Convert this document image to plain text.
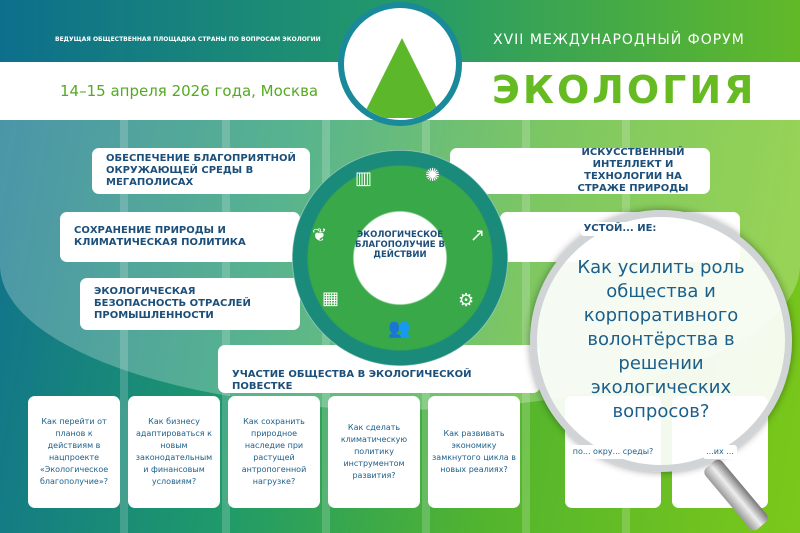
ВЕДУЩАЯ ОБЩЕСТВЕННАЯ ПЛОЩАДКА СТРАНЫ ПО ВОПРОСАМ ЭКОЛОГИИ	XVII МЕЖДУНАРОДНЫЙ ФОРУМ
14–15 апреля 2026 года, Москва	ЭКОЛОГИЯ
ОБЕСПЕЧЕНИЕ БЛАГОПРИЯТНОЙ ОКРУЖАЮЩЕЙ СРЕДЫ В МЕГАПОЛИСАХ
СОХРАНЕНИЕ ПРИРОДЫ И КЛИМАТИЧЕСКАЯ ПОЛИТИКА
ЭКОЛОГИЧЕСКАЯ БЕЗОПАСНОСТЬ ОТРАСЛЕЙ ПРОМЫШЛЕННОСТИ
УЧАСТИЕ ОБЩЕСТВА В ЭКОЛОГИЧЕСКОЙ ПОВЕСТКЕ
ИСКУССТВЕННЫЙ ИНТЕЛЛЕКТ И ТЕХНОЛОГИИ НА СТРАЖЕ ПРИРОДЫ
УСТОЙ... ИЕ:
ЭКОЛОГИЧЕСКОЕ БЛАГОПОЛУЧИЕ В ДЕЙСТВИИ
▥	✺
❦	↗
▦	⚙
👥
Как перейти от планов к действиям в нацпроекте «Экологическое благополучие»?
Как бизнесу адаптироваться к новым законодательным и финансовым условиям?
Как сохранить природное наследие при растущей антропогенной нагрузке?
Как сделать климатическую политику инструментом развития?
Как развивать экономику замкнутого цикла в новых реалиях?
по... окру... среды?	...их ...
Как усилить роль общества и корпоративного волонтёрства в решении экологических вопросов?
